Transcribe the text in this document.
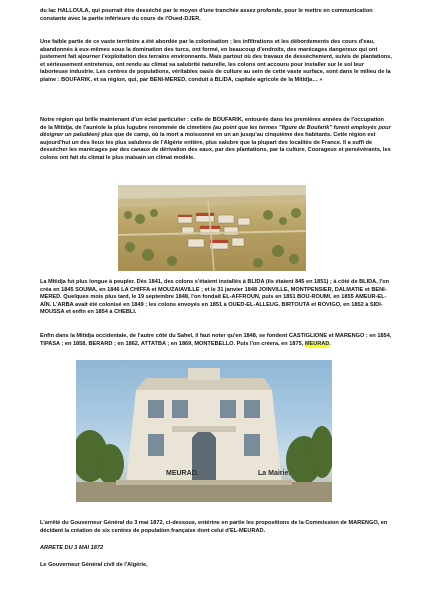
du lac HALLOULA, qui pourrait être desséché par le moyen d'une tranchée assez profonde, pour le mettre en communication constante avec la partie inférieure du cours de l'Oued-DJER.

Une faible partie de ce vaste territoire a été abordée par la colonisation ; les infiltrations et les débordements des cours d'eau, abandonnés à eux-mêmes sous la domination des turcs, ont formé, en beaucoup d'endroits, des marécages dangereux qui ont justement fait ajourner l'exploitation des terrains environnants. Mais partout où des travaux de dessèchement, suivis de plantations, et sérieusement entretenus, ont rendu au climat sa salubrité naturelle, les colons ont accouru pour installer sur le sol leur laborieuse industrie. Les centres de populations, véritables oasis de culture au sein de cette vaste surface, sont dans le milieu de la plaine : BOUFARIK, et sa région, qui, par BENI-MERED, conduit à BLIDA, capitale agricole de la Mitidja… »

Notre région qui brille maintenant d'un éclat particulier : celle de BOUFARIK, entourée dans les premières années de l'occupation de la Mitidja, de l'auréole la plus lugubre renommée de cimetière (au point que les termes "figure de Boufarik" furent employés pour désigner un paludéen) plus que de camp, où la mort a moissonné en un an jusqu'au cinquième des habitants. Cette région est aujourd'hui un des lieux les plus salubres de l'Algérie entière, plus salubre que la plupart des localités de France. Il a suffi de dessécher les marécages par des canaux de dérivation des eaux, par des plantations, par la culture. Courageux et persévérants, les colons ont fait du climat le plus malsain un climat modèle.

La Mitidja fut plus longue à peupler. Dès 1841, des colons s'étaient installés à BLIDA (ils étaient 845 en 1851) ; à côté de BLIDA, l'on créa en 1845 SOUMA, en 1846 LA CHIFFA et MOUZAIAVILLE ; et le 31 janvier 1848 JOINVILLE, MONTPENSIER, DALMATIE et BENI-MERED. Quelques mois plus tard, le 19 septembre 1848, l'on fondait EL-AFFROUN, puis en 1851 BOU-ROUMI, en 1855 AMEUR-EL-AÏN. L'ARBA avait été colonisé en 1849 ; les colons envoyés en 1851 à OUED-EL-ALLEUG, BIRTOUTA et ROVIGO, en 1852 à SIDI-MOUSSA et enfin en 1854 à CHEBLI.

Enfin dans la Mitidja occidentale, de l'autre côté du Sahel, il faut noter qu'en 1848, se fondent CASTIGLIONE et MARENGO ; en 1854, TIPASA ; en 1858, BERARD ; en 1862, ATTATBA ; en 1869, MONTEBELLO. Puis l'on créera, en 1875, MEURAD.

MEURAD.	La Mairie.

L'arrêté du Gouverneur Général du 3 mai 1872, ci-dessous, entérine en partie les propositions de la Commission de MARENGO, en décidant la création de six centres de population française dont celui d'EL-MEURAD.

ARRETE DU 3 MAI 1872

Le Gouverneur Général civil de l'Algérie,
